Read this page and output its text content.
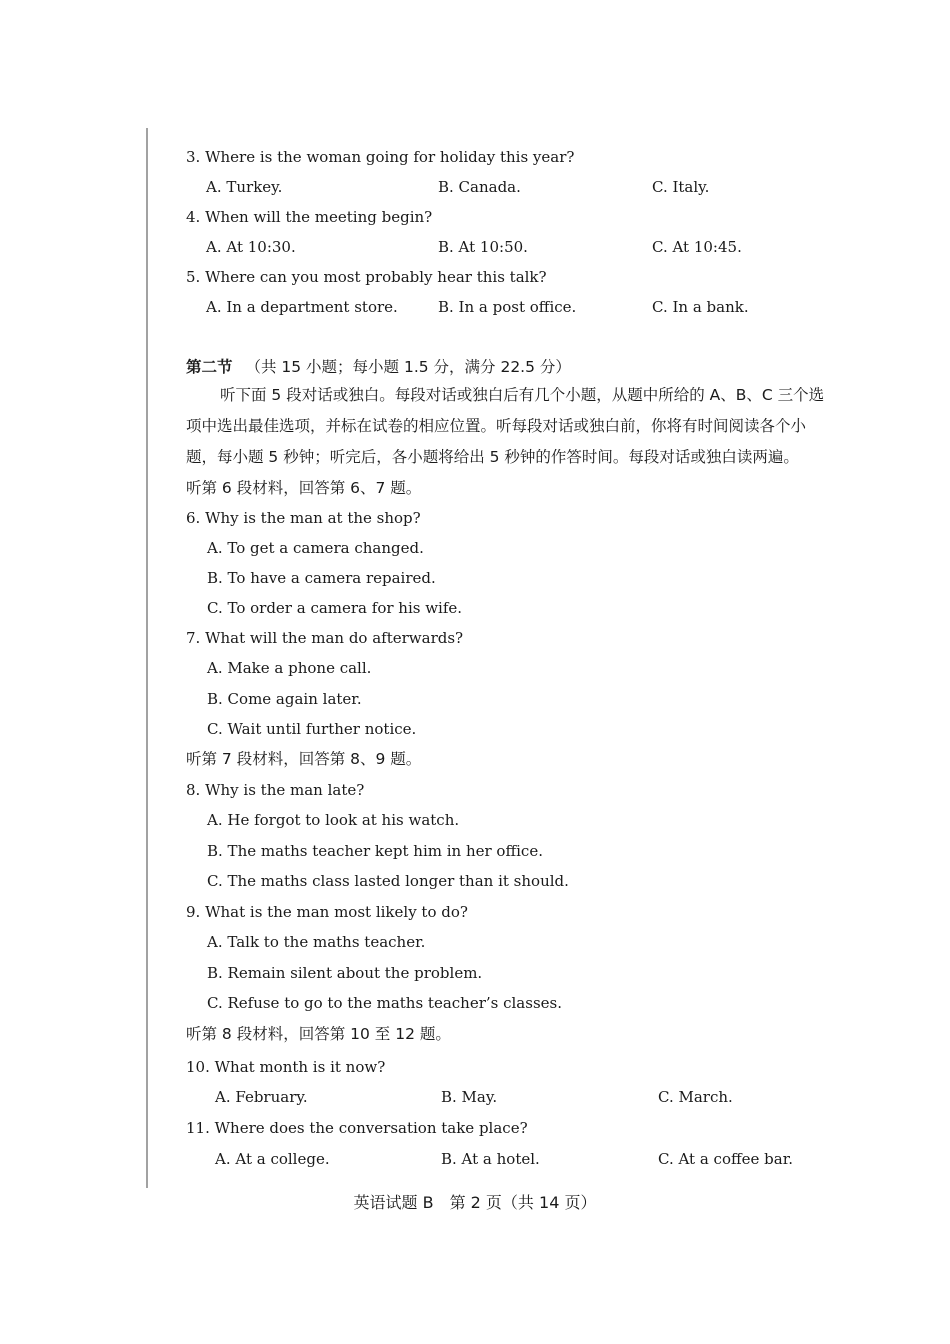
3. Where is the woman going for holiday this year?
A. Turkey.	B. Canada.	C. Italy.
4. When will the meeting begin?
A. At 10:30.	B. At 10:50.	C. At 10:45.
5. Where can you most probably hear this talk?
A. In a department store.	B. In a post office.	C. In a bank.
第二节 （共 15 小题；每小题 1.5 分，满分 22.5 分）
听下面 5 段对话或独白。每段对话或独白后有几个小题，从题中所给的 A、B、C 三个选
项中选出最佳选项，并标在试卷的相应位置。听每段对话或独白前，你将有时间阅读各个小
题，每小题 5 秒钟；听完后，各小题将给出 5 秒钟的作答时间。每段对话或独白读两遍。
听第 6 段材料，回答第 6、7 题。
6. Why is the man at the shop?
A. To get a camera changed.
B. To have a camera repaired.
C. To order a camera for his wife.
7. What will the man do afterwards?
A. Make a phone call.
B. Come again later.
C. Wait until further notice.
听第 7 段材料，回答第 8、9 题。
8. Why is the man late?
A. He forgot to look at his watch.
B. The maths teacher kept him in her office.
C. The maths class lasted longer than it should.
9. What is the man most likely to do?
A. Talk to the maths teacher.
B. Remain silent about the problem.
C. Refuse to go to the maths teacher’s classes.
听第 8 段材料，回答第 10 至 12 题。
10. What month is it now?
A. February.	B. May.	C. March.
11. Where does the conversation take place?
A. At a college.	B. At a hotel.	C. At a coffee bar.
英语试题 B　第 2 页（共 14 页）
